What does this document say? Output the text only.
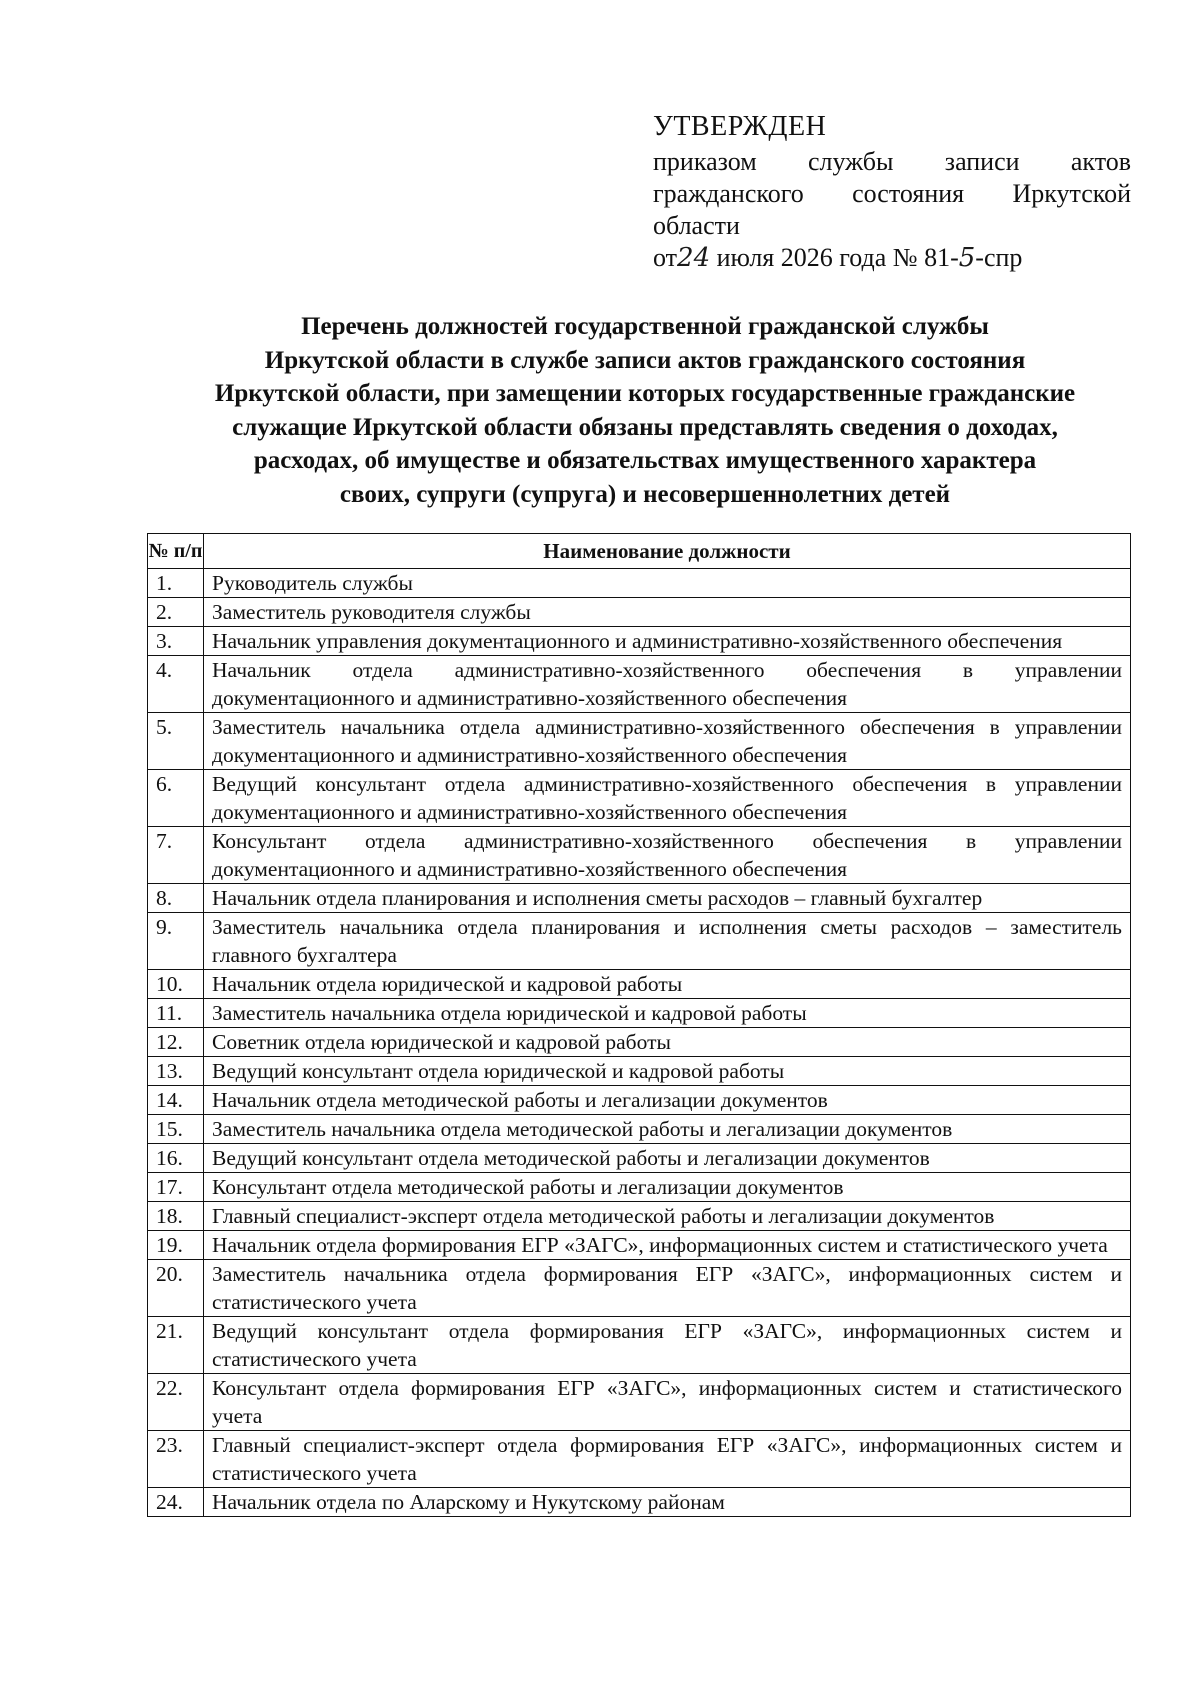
УТВЕРЖДЕН
приказом службы записи актов
гражданского состояния Иркутской
области
от24 июля 2026 года № 81-5-спр
Перечень должностей государственной гражданской службы
Иркутской области в службе записи актов гражданского состояния
Иркутской области, при замещении которых государственные гражданские
служащие Иркутской области обязаны представлять сведения о доходах,
расходах, об имуществе и обязательствах имущественного характера
своих, супруги (супруга) и несовершеннолетних детей
№ п/п	Наименование должности
1.	Руководитель службы
2.	Заместитель руководителя службы
3.	Начальник управления документационного и административно-хозяйственного обеспечения
4.	Начальник отдела административно-хозяйственного обеспечения в управлении документационного и административно-хозяйственного обеспечения
5.	Заместитель начальника отдела административно-хозяйственного обеспечения в управлении документационного и административно-хозяйственного обеспечения
6.	Ведущий консультант отдела административно-хозяйственного обеспечения в управлении документационного и административно-хозяйственного обеспечения
7.	Консультант отдела административно-хозяйственного обеспечения в управлении документационного и административно-хозяйственного обеспечения
8.	Начальник отдела планирования и исполнения сметы расходов – главный бухгалтер
9.	Заместитель начальника отдела планирования и исполнения сметы расходов – заместитель главного бухгалтера
10.	Начальник отдела юридической и кадровой работы
11.	Заместитель начальника отдела юридической и кадровой работы
12.	Советник отдела юридической и кадровой работы
13.	Ведущий консультант отдела юридической и кадровой работы
14.	Начальник отдела методической работы и легализации документов
15.	Заместитель начальника отдела методической работы и легализации документов
16.	Ведущий консультант отдела методической работы и легализации документов
17.	Консультант отдела методической работы и легализации документов
18.	Главный специалист-эксперт отдела методической работы и легализации документов
19.	Начальник отдела формирования ЕГР «ЗАГС», информационных систем и статистического учета
20.	Заместитель начальника отдела формирования ЕГР «ЗАГС», информационных систем и статистического учета
21.	Ведущий консультант отдела формирования ЕГР «ЗАГС», информационных систем и статистического учета
22.	Консультант отдела формирования ЕГР «ЗАГС», информационных систем и статистического учета
23.	Главный специалист-эксперт отдела формирования ЕГР «ЗАГС», информационных систем и статистического учета
24.	Начальник отдела по Аларскому и Нукутскому районам
